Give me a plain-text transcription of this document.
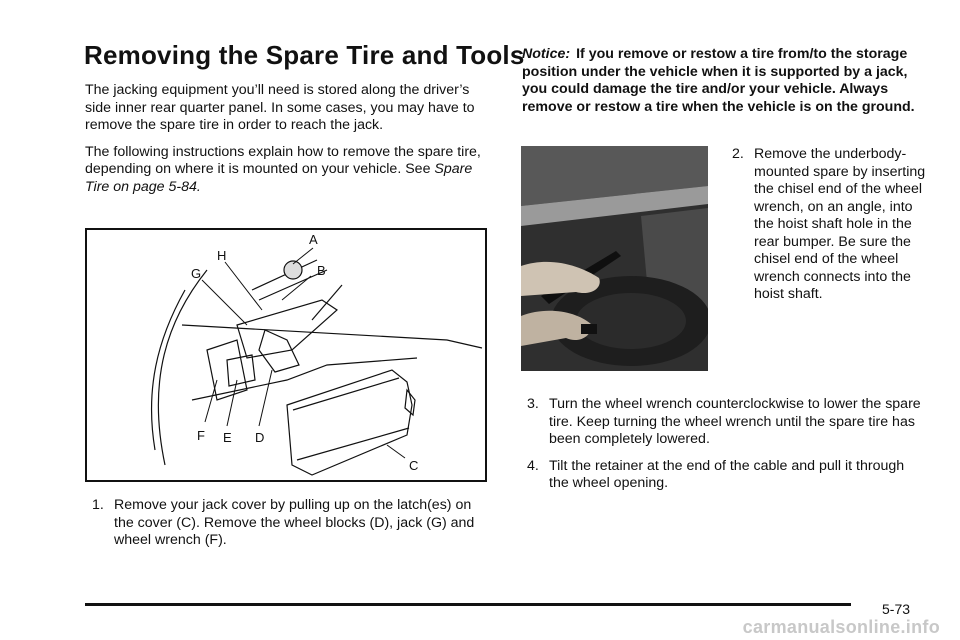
Removing the Spare Tire and Tools

The jacking equipment you’ll need is stored along the driver’s side inner rear quarter panel. In some cases, you may have to remove the spare tire in order to reach the jack.

The following instructions explain how to remove the spare tire, depending on where it is mounted on your vehicle. See Spare Tire on page 5-84.

A
B
H
G
F E D
C
1. Remove your jack cover by pulling up on the latch(es) on the cover (C). Remove the wheel blocks (D), jack (G) and wheel wrench (F).

Notice: If you remove or restow a tire from/to the storage position under the vehicle when it is supported by a jack, you could damage the tire and/or your vehicle. Always remove or restow a tire when the vehicle is on the ground.

2. Remove the underbody-mounted spare by inserting the chisel end of the wheel wrench, on an angle, into the hoist shaft hole in the rear bumper. Be sure the chisel end of the wheel wrench connects into the hoist shaft.
3. Turn the wheel wrench counterclockwise to lower the spare tire. Keep turning the wheel wrench until the spare tire has been completely lowered.
4. Tilt the retainer at the end of the cable and pull it through the wheel opening.
5-73
carmanualsonline.info
